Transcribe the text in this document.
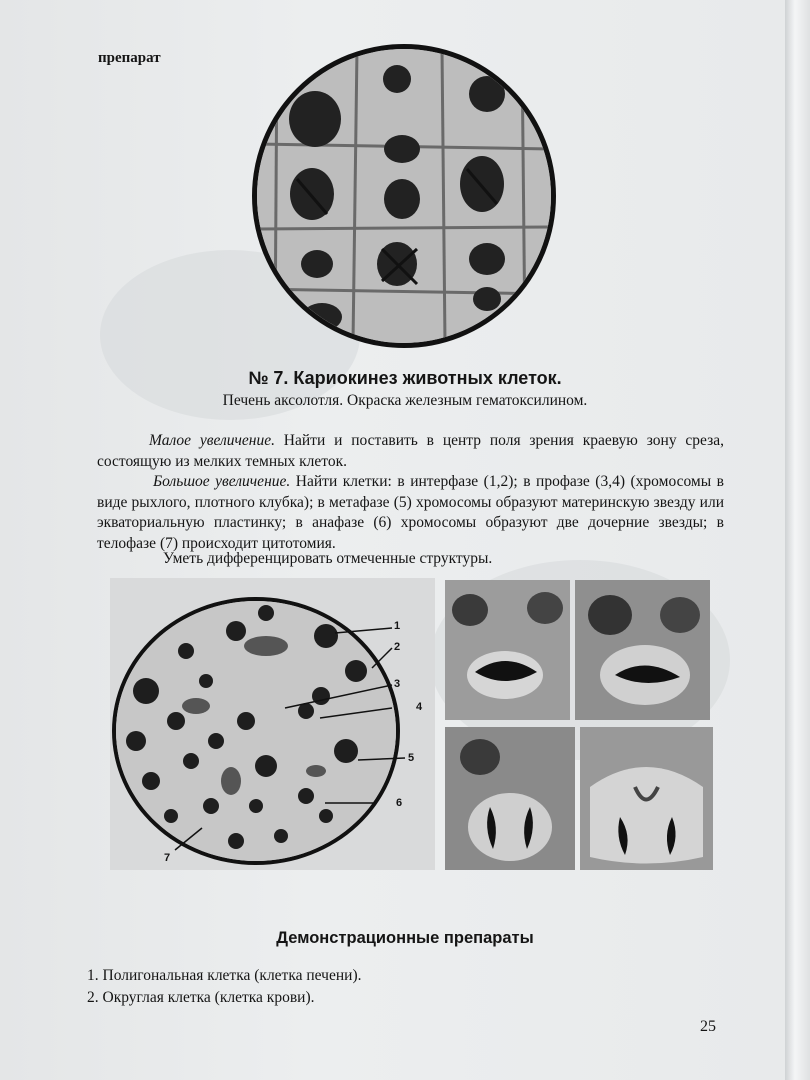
препарат
№ 7. Кариокинез животных клеток.
Печень аксолотля. Окраска железным гематоксилином.
Малое увеличение. Найти и поставить в центр поля зрения краевую зону среза, состоящую из мелких темных клеток.
Большое увеличение. Найти клетки: в интерфазе (1,2); в профазе (3,4) (хромосомы в виде рыхлого, плотного клубка); в метафазе (5) хромосомы образуют материнскую звезду или экваториальную пластинку; в анафазе (6) хромосомы образуют две дочерние звезды; в телофазе (7) происходит цитотомия.
Уметь дифференцировать отмеченные структуры.
1
2
3
4
5
6
7
Демонстрационные препараты
1. Полигональная клетка (клетка печени).
2. Округлая клетка (клетка крови).
25
